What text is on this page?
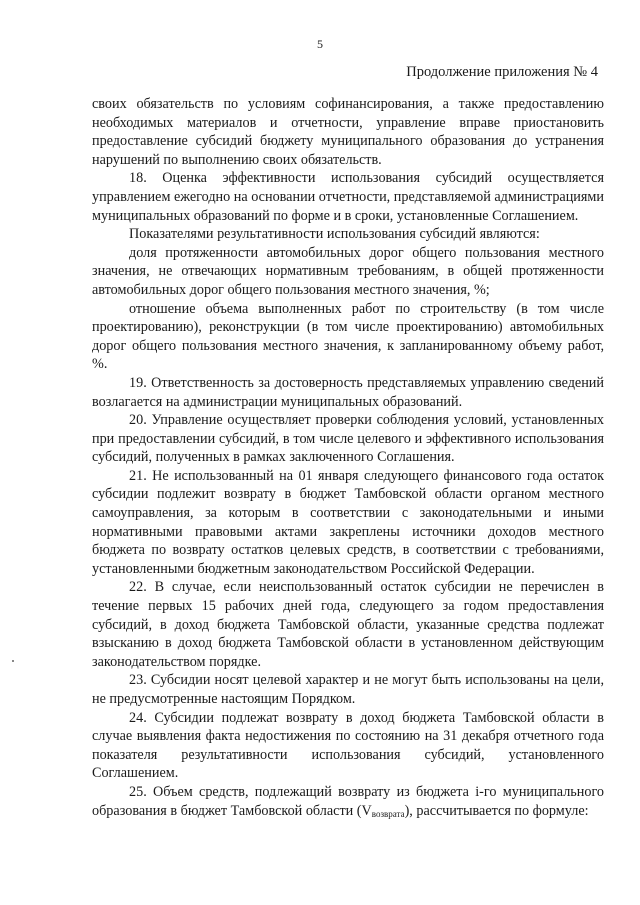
5
Продолжение приложения № 4

своих обязательств по условиям софинансирования, а также предоставлению необходимых материалов и отчетности, управление вправе приостановить предоставление субсидий бюджету муниципального образования до устранения нарушений по выполнению своих обязательств.

18. Оценка эффективности использования субсидий осуществляется управлением ежегодно на основании отчетности, представляемой администрациями муниципальных образований по форме и в сроки, установленные Соглашением.

Показателями результативности использования субсидий являются:

доля протяженности автомобильных дорог общего пользования местного значения, не отвечающих нормативным требованиям, в общей протяженности автомобильных дорог общего пользования местного значения, %;

отношение объема выполненных работ по строительству (в том числе проектированию), реконструкции (в том числе проектированию) автомобильных дорог общего пользования местного значения, к запланированному объему работ, %.

19. Ответственность за достоверность представляемых управлению сведений возлагается на администрации муниципальных образований.

20. Управление осуществляет проверки соблюдения условий, установленных при предоставлении субсидий, в том числе целевого и эффективного использования субсидий, полученных в рамках заключенного Соглашения.

21. Не использованный на 01 января следующего финансового года остаток субсидии подлежит возврату в бюджет Тамбовской области органом местного самоуправления, за которым в соответствии с законодательными и иными нормативными правовыми актами закреплены источники доходов местного бюджета по возврату остатков целевых средств, в соответствии с требованиями, установленными бюджетным законодательством Российской Федерации.

22. В случае, если неиспользованный остаток субсидии не перечислен в течение первых 15 рабочих дней года, следующего за годом предоставления субсидий, в доход бюджета Тамбовской области, указанные средства подлежат взысканию в доход бюджета Тамбовской области в установленном действующим законодательством порядке.

23. Субсидии носят целевой характер и не могут быть использованы на цели, не предусмотренные настоящим Порядком.

24. Субсидии подлежат возврату в доход бюджета Тамбовской области в случае выявления факта недостижения по состоянию на 31 декабря отчетного года показателя результативности использования субсидий, установленного Соглашением.

25. Объем средств, подлежащий возврату из бюджета i-го муниципального образования в бюджет Тамбовской области $(V_{возврата})$, рассчитывается по формуле:
